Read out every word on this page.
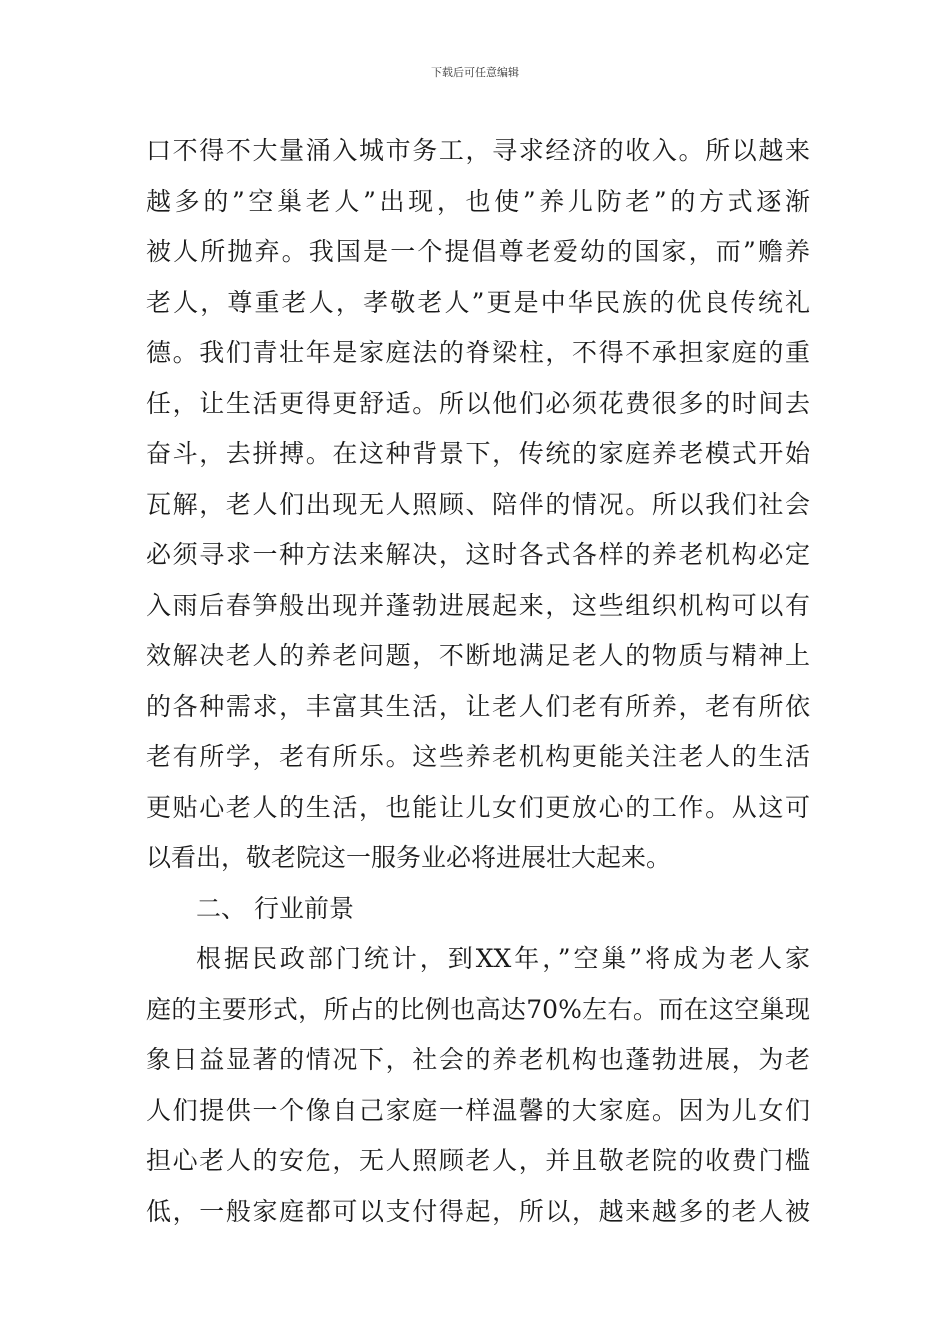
下载后可任意编辑
口不得不大量涌入城市务工，寻求经济的收入。所以越来
越多的”空巢老人”出现，也使”养儿防老”的方式逐渐
被人所抛弃。我国是一个提倡尊老爱幼的国家，而”赡养
老人，尊重老人，孝敬老人”更是中华民族的优良传统礼
德。我们青壮年是家庭法的脊梁柱，不得不承担家庭的重
任，让生活更得更舒适。所以他们必须花费很多的时间去
奋斗，去拼搏。在这种背景下，传统的家庭养老模式开始
瓦解，老人们出现无人照顾、陪伴的情况。所以我们社会
必须寻求一种方法来解决，这时各式各样的养老机构必定
入雨后春笋般出现并蓬勃进展起来，这些组织机构可以有
效解决老人的养老问题，不断地满足老人的物质与精神上
的各种需求，丰富其生活，让老人们老有所养，老有所依
老有所学，老有所乐。这些养老机构更能关注老人的生活
更贴心老人的生活，也能让儿女们更放心的工作。从这可
以看出，敬老院这一服务业必将进展壮大起来。
二、 行业前景
根据民政部门统计，到XX年，”空巢”将成为老人家
庭的主要形式，所占的比例也高达70%左右。而在这空巢现
象日益显著的情况下，社会的养老机构也蓬勃进展，为老
人们提供一个像自己家庭一样温馨的大家庭。因为儿女们
担心老人的安危，无人照顾老人，并且敬老院的收费门槛
低，一般家庭都可以支付得起，所以，越来越多的老人被
